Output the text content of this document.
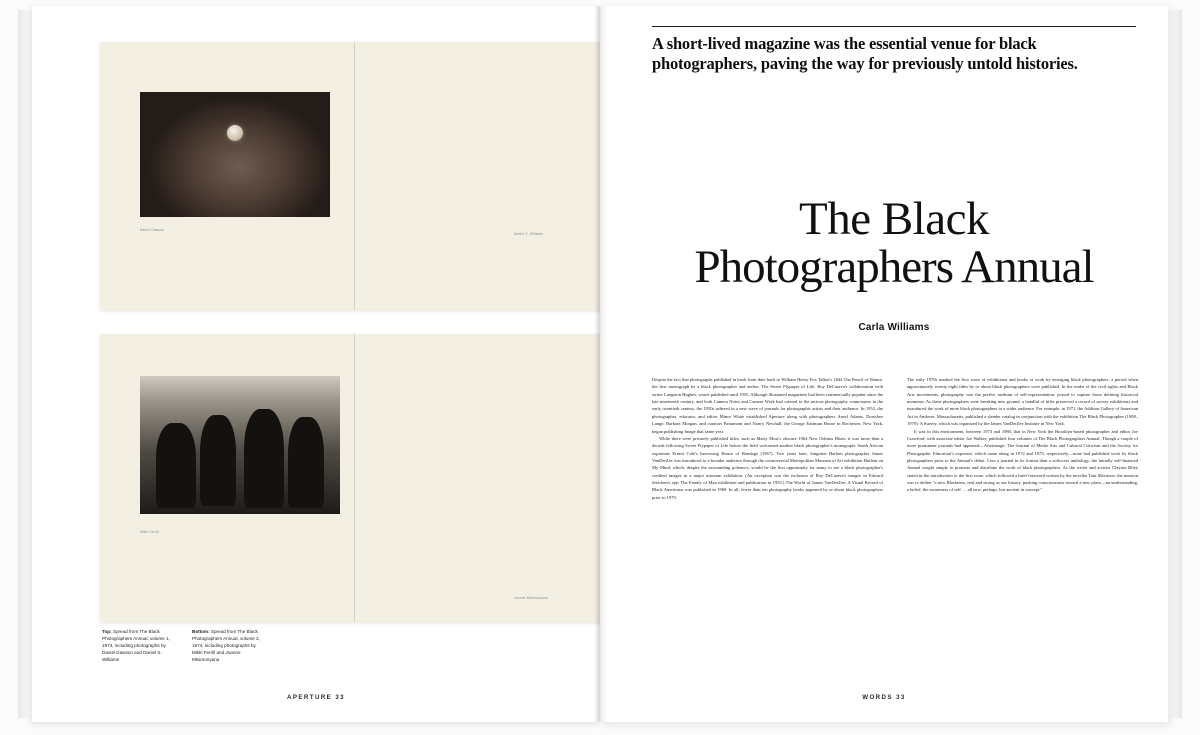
Daniel Dawson
Daniel S. Williams
Mikki Ferrill
Joanne Mtsimonyana
Top: Spread from The Black Photographers Annual, volume 1, 1973, including photographs by Daniel Dawson and Daniel S. Williams
Bottom: Spread from The Black Photographers Annual, volume 2, 1974, including photographs by Mikki Ferrill and Joanne Mtsimonyana
APERTURE 33
A short-lived magazine was the essential venue for black photographers, paving the way for previously untold histories.
The Black
Photographers Annual
Carla Williams

Despite the fact that photographs published in book form date back to William Henry Fox Talbot's 1844 The Pencil of Nature, the first monograph by a black photographer and author, The Sweet Flypaper of Life, Roy DeCarava's collaboration with writer Langston Hughes, wasn't published until 1955. Although illustrated magazines had been commercially popular since the late nineteenth century, and both Camera Notes and Camera Work had catered to the serious photography connoisseur in the early twentieth century, the 1950s ushered in a new wave of journals for photographic artists and their audience. In 1952, the photographer, educator, and editor Minor White established Aperture along with photographers Ansel Adams, Dorothea Lange, Barbara Morgan, and curators Beaumont and Nancy Newhall; the George Eastman House in Rochester, New York, began publishing Image that same year.

While there were privately published titles, such as Marty Most's obscure 1964 New Orleans Blues, it was more than a decade following Sweet Flypaper of Life before the field welcomed another black photographer's monograph: South African expatriate Ernest Cole's harrowing House of Bondage (1967). Two years later, longtime Harlem photographer James VanDerZee was introduced to a broader audience through the controversial Metropolitan Museum of Art exhibition Harlem on My Mind, which, despite the surrounding polemics, would be the first opportunity for many to see a black photographer's credited images in a major museum exhibition. (An exception was the inclusion of Roy DeCarava's images in Edward Steichen's epic The Family of Man exhibition and publication in 1955.) The World of James VanDerZee: A Visual Record of Black Americans was published in 1969. In all, fewer than ten photography books appeared by or about black photographers prior to 1970.

The early 1970s marked the first wave of exhibitions and books of work by emerging black photographers, a period when approximately twenty-eight titles by or about black photographers were published. In the midst of the civil rights and Black Arts movements, photography was the perfect medium of self-representation, poised to capture those defining historical moments. As these photographers were breaking new ground, a handful of titles preserved a record of survey exhibitions and introduced the work of more black photographers to a wider audience. For example, in 1971, the Addison Gallery of American Art in Andover, Massachusetts, published a slender catalog in conjunction with the exhibition The Black Photographer (1908–1970): A Survey, which was organized by the James VanDerZee Institute in New York.

It was in this environment, between 1973 and 1980, that in New York the Brooklyn-based photographer and editor Joe Crawford, with associate editor Joe Walker, published four volumes of The Black Photographers Annual. Though a couple of more prominent journals had appeared—Afterimage; The Journal of Media Arts and Cultural Criticism and the Society for Photographic Education's exposure, which came along in 1972 and 1973, respectively—none had published work by black photographers prior to the Annual's debut. Less a journal in its format than a softcover anthology, the initially self-financed Annual sought simply to promote and distribute the work of black photographers. As the writer and activist Clayton Riley stated in the introduction to the first issue, which followed a brief foreword written by the novelist Toni Morrison, the mission was to define "a new Blackness, real and strong as our history, pushing consciousness toward a new place—an understanding, a belief, the awareness of self … all new, perhaps, but ancient in concept."

WORDS 33
